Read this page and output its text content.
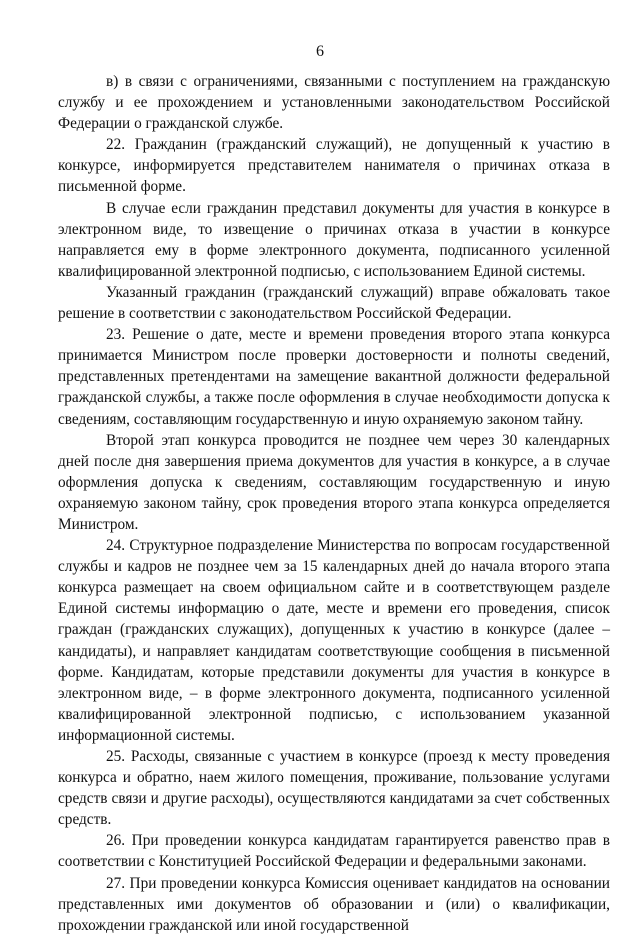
6

в) в связи с ограничениями, связанными с поступлением на гражданскую службу и ее прохождением и установленными законодательством Российской Федерации о гражданской службе.

22. Гражданин (гражданский служащий), не допущенный к участию в конкурсе, информируется представителем нанимателя о причинах отказа в письменной форме.

В случае если гражданин представил документы для участия в конкурсе в электронном виде, то извещение о причинах отказа в участии в конкурсе направляется ему в форме электронного документа, подписанного усиленной квалифицированной электронной подписью, с использованием Единой системы.

Указанный гражданин (гражданский служащий) вправе обжаловать такое решение в соответствии с законодательством Российской Федерации.

23. Решение о дате, месте и времени проведения второго этапа конкурса принимается Министром после проверки достоверности и полноты сведений, представленных претендентами на замещение вакантной должности федеральной гражданской службы, а также после оформления в случае необходимости допуска к сведениям, составляющим государственную и иную охраняемую законом тайну.

Второй этап конкурса проводится не позднее чем через 30 календарных дней после дня завершения приема документов для участия в конкурсе, а в случае оформления допуска к сведениям, составляющим государственную и иную охраняемую законом тайну, срок проведения второго этапа конкурса определяется Министром.

24. Структурное подразделение Министерства по вопросам государственной службы и кадров не позднее чем за 15 календарных дней до начала второго этапа конкурса размещает на своем официальном сайте и в соответствующем разделе Единой системы информацию о дате, месте и времени его проведения, список граждан (гражданских служащих), допущенных к участию в конкурсе (далее – кандидаты), и направляет кандидатам соответствующие сообщения в письменной форме. Кандидатам, которые представили документы для участия в конкурсе в электронном виде, – в форме электронного документа, подписанного усиленной квалифицированной электронной подписью, с использованием указанной информационной системы.

25. Расходы, связанные с участием в конкурсе (проезд к месту проведения конкурса и обратно, наем жилого помещения, проживание, пользование услугами средств связи и другие расходы), осуществляются кандидатами за счет собственных средств.

26. При проведении конкурса кандидатам гарантируется равенство прав в соответствии с Конституцией Российской Федерации и федеральными законами.

27. При проведении конкурса Комиссия оценивает кандидатов на основании представленных ими документов об образовании и (или) о квалификации, прохождении гражданской или иной государственной
